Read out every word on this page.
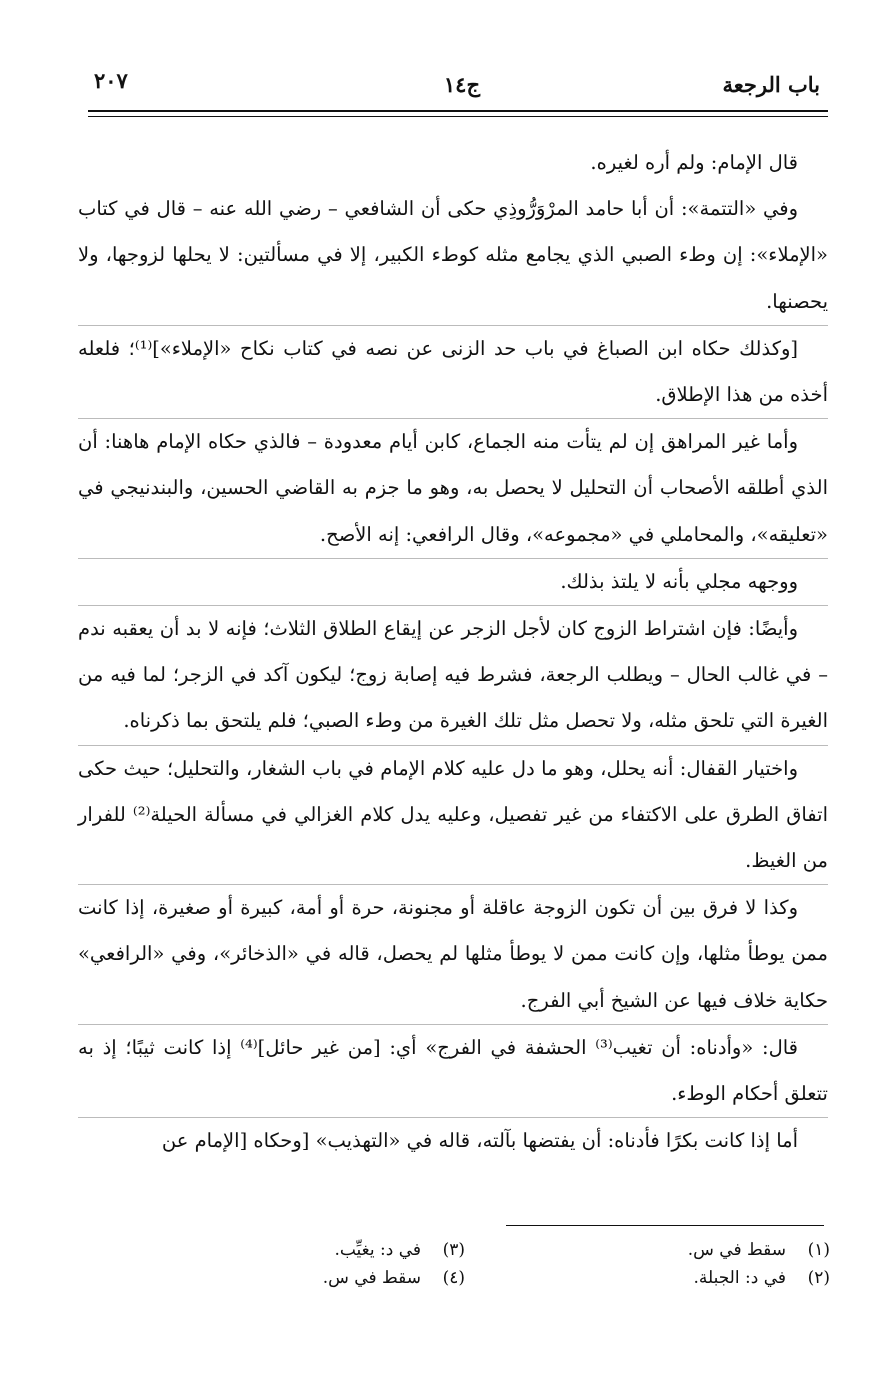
باب الرجعة
ج١٤
٢٠٧

قال الإمام: ولم أره لغيره.

وفي «التتمة»: أن أبا حامد المرْوَرُّوذِي حكى أن الشافعي – رضي الله عنه – قال في كتاب «الإملاء»: إن وطء الصبي الذي يجامع مثله كوطء الكبير، إلا في مسألتين: لا يحلها لزوجها، ولا يحصنها.

[وكذلك حكاه ابن الصباغ في باب حد الزنى عن نصه في كتاب نكاح «الإملاء»]⁽¹⁾؛ فلعله أخذه من هذا الإطلاق.

وأما غير المراهق إن لم يتأت منه الجماع، كابن أيام معدودة – فالذي حكاه الإمام هاهنا: أن الذي أطلقه الأصحاب أن التحليل لا يحصل به، وهو ما جزم به القاضي الحسين، والبندنيجي في «تعليقه»، والمحاملي في «مجموعه»، وقال الرافعي: إنه الأصح.

ووجهه مجلي بأنه لا يلتذ بذلك.

وأيضًا: فإن اشتراط الزوج كان لأجل الزجر عن إيقاع الطلاق الثلاث؛ فإنه لا بد أن يعقبه ندم – في غالب الحال – ويطلب الرجعة، فشرط فيه إصابة زوج؛ ليكون آكد في الزجر؛ لما فيه من الغيرة التي تلحق مثله، ولا تحصل مثل تلك الغيرة من وطء الصبي؛ فلم يلتحق بما ذكرناه.

واختيار القفال: أنه يحلل، وهو ما دل عليه كلام الإمام في باب الشغار، والتحليل؛ حيث حكى اتفاق الطرق على الاكتفاء من غير تفصيل، وعليه يدل كلام الغزالي في مسألة الحيلة⁽²⁾ للفرار من الغيظ.

وكذا لا فرق بين أن تكون الزوجة عاقلة أو مجنونة، حرة أو أمة، كبيرة أو صغيرة، إذا كانت ممن يوطأ مثلها، وإن كانت ممن لا يوطأ مثلها لم يحصل، قاله في «الذخائر»، وفي «الرافعي» حكاية خلاف فيها عن الشيخ أبي الفرج.

قال: «وأدناه: أن تغيب⁽³⁾ الحشفة في الفرج» أي: [من غير حائل]⁽⁴⁾ إذا كانت ثيبًا؛ إذ به تتعلق أحكام الوطء.

أما إذا كانت بكرًا فأدناه: أن يفتضها بآلته، قاله في «التهذيب» [وحكاه [الإمام عن

(١)سقط في س.
(٢)في د: الجبلة.
(٣)في د: يغيِّب.
(٤)سقط في س.
